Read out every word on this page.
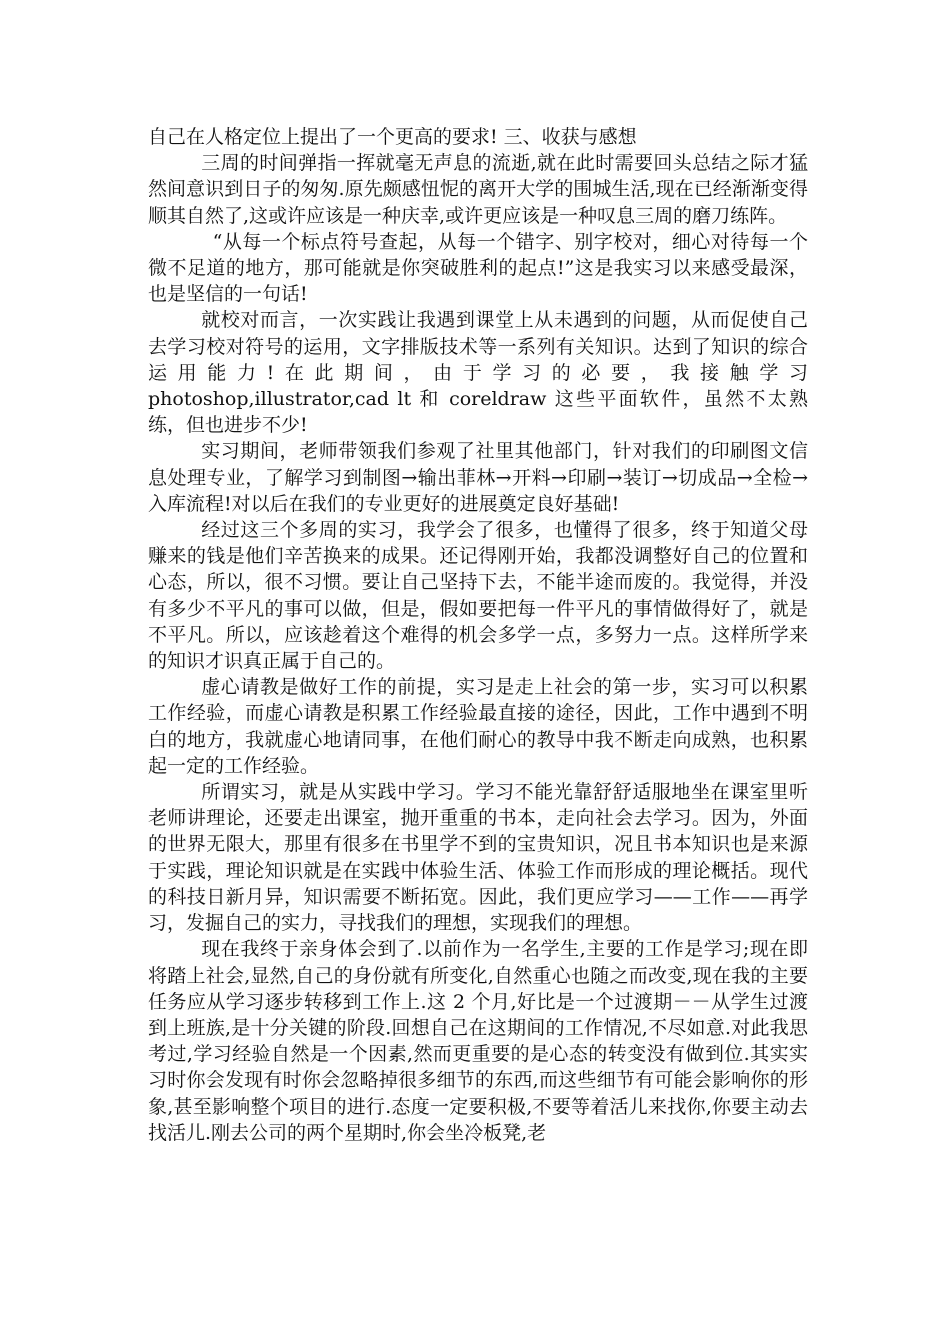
自己在人格定位上提出了一个更高的要求! 三、收获与感想

三周的时间弹指一挥就毫无声息的流逝,就在此时需要回头总结之际才猛然间意识到日子的匆匆.原先颇感忸怩的离开大学的围城生活,现在已经渐渐变得顺其自然了,这或许应该是一种庆幸,或许更应该是一种叹息三周的磨刀练阵。

“从每一个标点符号查起，从每一个错字、别字校对，细心对待每一个微不足道的地方，那可能就是你突破胜利的起点!”这是我实习以来感受最深，也是坚信的一句话!

就校对而言，一次实践让我遇到课堂上从未遇到的问题，从而促使自己去学习校对符号的运用，文字排版技术等一系列有关知识。达到了知识的综合运用能力!在此期间，由于学习的必要，我接触学习 photoshop,illustrator,cad lt 和 coreldraw 这些平面软件，虽然不太熟练，但也进步不少!

实习期间，老师带领我们参观了社里其他部门，针对我们的印刷图文信息处理专业，了解学习到制图→输出菲林→开料→印刷→装订→切成品→全检→入库流程!对以后在我们的专业更好的进展奠定良好基础!

经过这三个多周的实习，我学会了很多，也懂得了很多，终于知道父母赚来的钱是他们辛苦换来的成果。还记得刚开始，我都没调整好自己的位置和心态，所以，很不习惯。要让自己坚持下去，不能半途而废的。我觉得，并没有多少不平凡的事可以做，但是，假如要把每一件平凡的事情做得好了，就是不平凡。所以，应该趁着这个难得的机会多学一点，多努力一点。这样所学来的知识才识真正属于自己的。

虚心请教是做好工作的前提，实习是走上社会的第一步，实习可以积累工作经验，而虚心请教是积累工作经验最直接的途径，因此，工作中遇到不明白的地方，我就虚心地请同事，在他们耐心的教导中我不断走向成熟，也积累起一定的工作经验。

所谓实习，就是从实践中学习。学习不能光靠舒舒适服地坐在课室里听老师讲理论，还要走出课室，抛开重重的书本，走向社会去学习。因为，外面的世界无限大，那里有很多在书里学不到的宝贵知识，况且书本知识也是来源于实践，理论知识就是在实践中体验生活、体验工作而形成的理论概括。现代的科技日新月异，知识需要不断拓宽。因此，我们更应学习——工作——再学习，发掘自己的实力，寻找我们的理想，实现我们的理想。

现在我终于亲身体会到了.以前作为一名学生,主要的工作是学习;现在即将踏上社会,显然,自己的身份就有所变化,自然重心也随之而改变,现在我的主要任务应从学习逐步转移到工作上.这 2 个月,好比是一个过渡期－－从学生过渡到上班族,是十分关键的阶段.回想自己在这期间的工作情况,不尽如意.对此我思考过,学习经验自然是一个因素,然而更重要的是心态的转变没有做到位.其实实习时你会发现有时你会忽略掉很多细节的东西,而这些细节有可能会影响你的形象,甚至影响整个项目的进行.态度一定要积极,不要等着活儿来找你,你要主动去找活儿.刚去公司的两个星期时,你会坐冷板凳,老
